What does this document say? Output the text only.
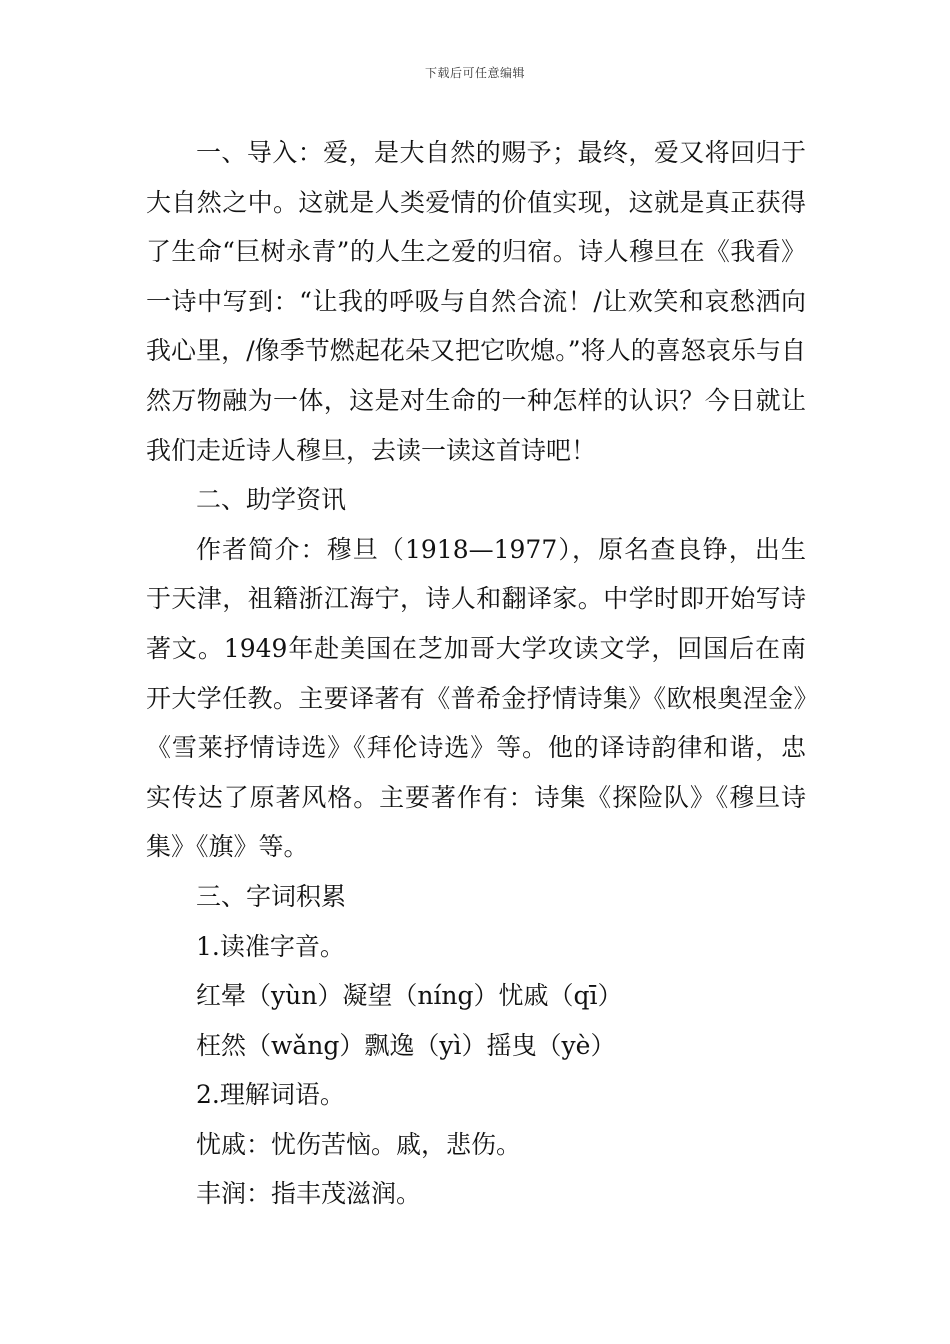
下载后可任意编辑

一、导入：爱，是大自然的赐予；最终，爱又将回归于大自然之中。这就是人类爱情的价值实现，这就是真正获得了生命“巨树永青”的人生之爱的归宿。诗人穆旦在《我看》一诗中写到：“让我的呼吸与自然合流！/让欢笑和哀愁洒向我心里，/像季节燃起花朵又把它吹熄。”将人的喜怒哀乐与自然万物融为一体，这是对生命的一种怎样的认识？今日就让我们走近诗人穆旦，去读一读这首诗吧！

二、助学资讯

作者简介：穆旦（1918—1977），原名查良铮，出生于天津，祖籍浙江海宁，诗人和翻译家。中学时即开始写诗著文。1949年赴美国在芝加哥大学攻读文学，回国后在南开大学任教。主要译著有《普希金抒情诗集》《欧根奥涅金》《雪莱抒情诗选》《拜伦诗选》等。他的译诗韵律和谐，忠实传达了原著风格。主要著作有：诗集《探险队》《穆旦诗集》《旗》等。

三、字词积累

1.读准字音。

红晕（yùn）凝望（níng）忧戚（qī）

枉然（wǎng）飘逸（yì）摇曳（yè）

2.理解词语。

忧戚：忧伤苦恼。戚，悲伤。

丰润：指丰茂滋润。
